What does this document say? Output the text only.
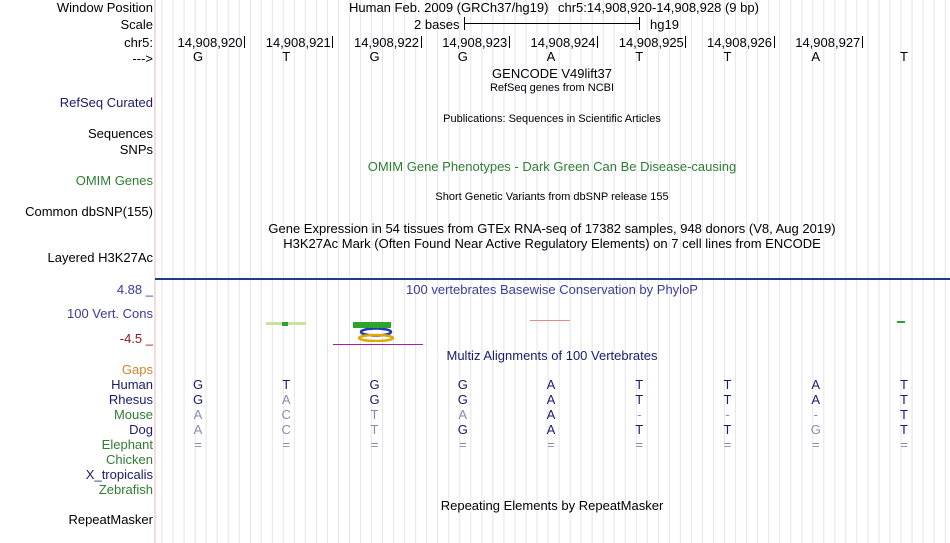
Window Position
Scale
chr5:
--->
Human Feb. 2009 (GRCh37/hg19) chr5:14,908,920-14,908,928 (9 bp)
2 bases	hg19
14,908,920 14,908,921 14,908,922 14,908,923 14,908,924 14,908,925 14,908,926 14,908,927
G	T	G	G	A	T	T	A	T
GENCODE V49lift37
RefSeq genes from NCBI
RefSeq Curated
Publications: Sequences in Scientific Articles
Sequences
SNPs
OMIM Gene Phenotypes - Dark Green Can Be Disease-causing
OMIM Genes
Short Genetic Variants from dbSNP release 155
Common dbSNP(155)
Gene Expression in 54 tissues from GTEx RNA-seq of 17382 samples, 948 donors (V8, Aug 2019)
H3K27Ac Mark (Often Found Near Active Regulatory Elements) on 7 cell lines from ENCODE
Layered H3K27Ac
100 vertebrates Basewise Conservation by PhyloP
4.88 _
100 Vert. Cons
-4.5 _
Multiz Alignments of 100 Vertebrates
Gaps
Human	G	T	G	G	A	T	T	A	T
Rhesus	G	A	G	G	A	T	T	A	T
Mouse	A	C	T	A	A	-	-	-	T
Dog	A	C	T	G	A	T	T	G	T
Elephant	=	=	=	=	=	=	=	=	=
Chicken
X_tropicalis
Zebrafish
Repeating Elements by RepeatMasker
RepeatMasker
